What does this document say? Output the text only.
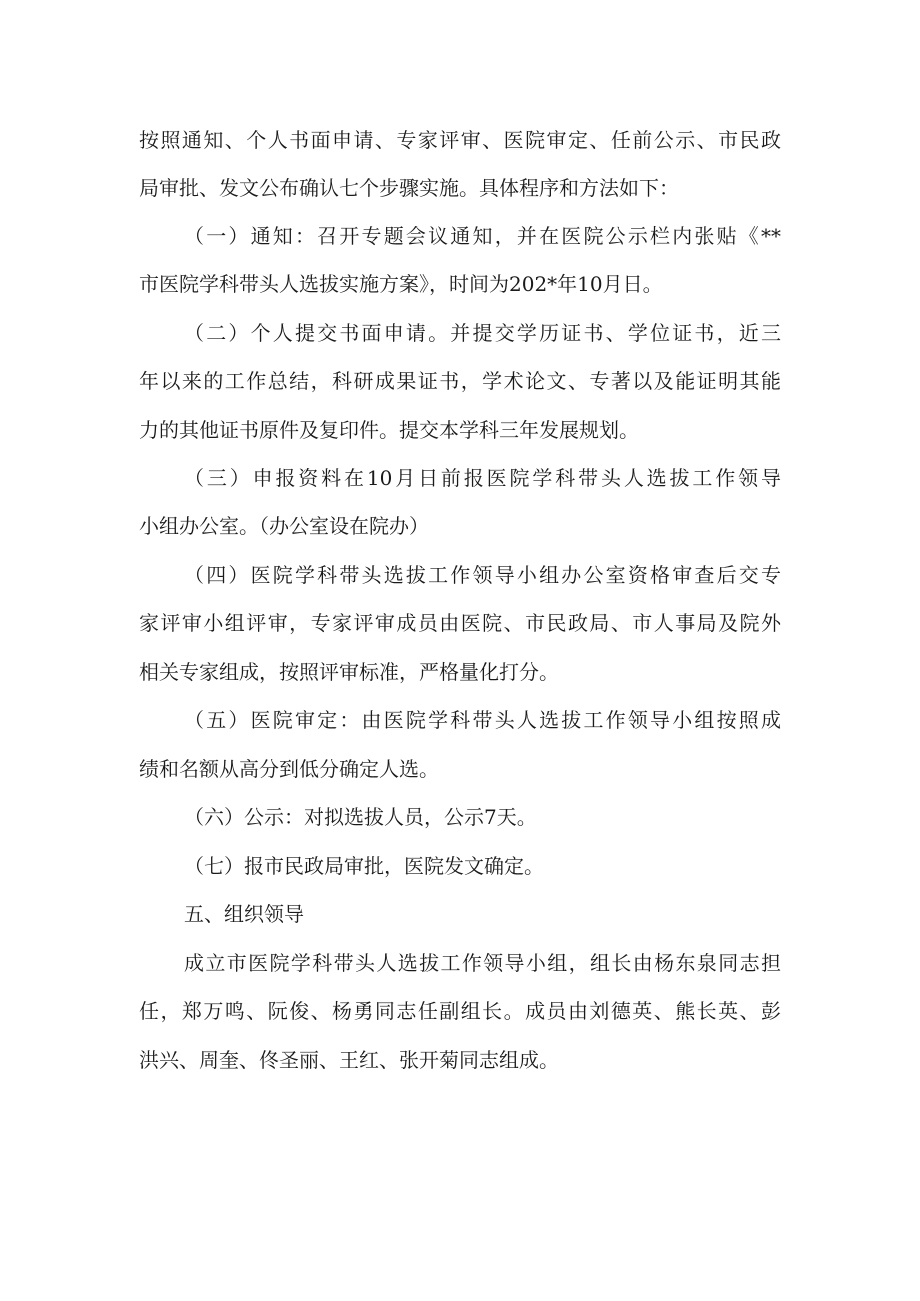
按照通知、个人书面申请、专家评审、医院审定、任前公示、市民政
局审批、发文公布确认七个步骤实施。具体程序和方法如下：
（一）通知：召开专题会议通知，并在医院公示栏内张贴《**
市医院学科带头人选拔实施方案》，时间为202*年10月日。
（二）个人提交书面申请。并提交学历证书、学位证书，近三
年以来的工作总结，科研成果证书，学术论文、专著以及能证明其能
力的其他证书原件及复印件。提交本学科三年发展规划。
（三）申报资料在10月日前报医院学科带头人选拔工作领导
小组办公室。（办公室设在院办）
（四）医院学科带头选拔工作领导小组办公室资格审查后交专
家评审小组评审，专家评审成员由医院、市民政局、市人事局及院外
相关专家组成，按照评审标准，严格量化打分。
（五）医院审定：由医院学科带头人选拔工作领导小组按照成
绩和名额从高分到低分确定人选。
（六）公示：对拟选拔人员，公示7天。
（七）报市民政局审批，医院发文确定。
五、组织领导
成立市医院学科带头人选拔工作领导小组，组长由杨东泉同志担
任，郑万鸣、阮俊、杨勇同志任副组长。成员由刘德英、熊长英、彭
洪兴、周奎、佟圣丽、王红、张开菊同志组成。
